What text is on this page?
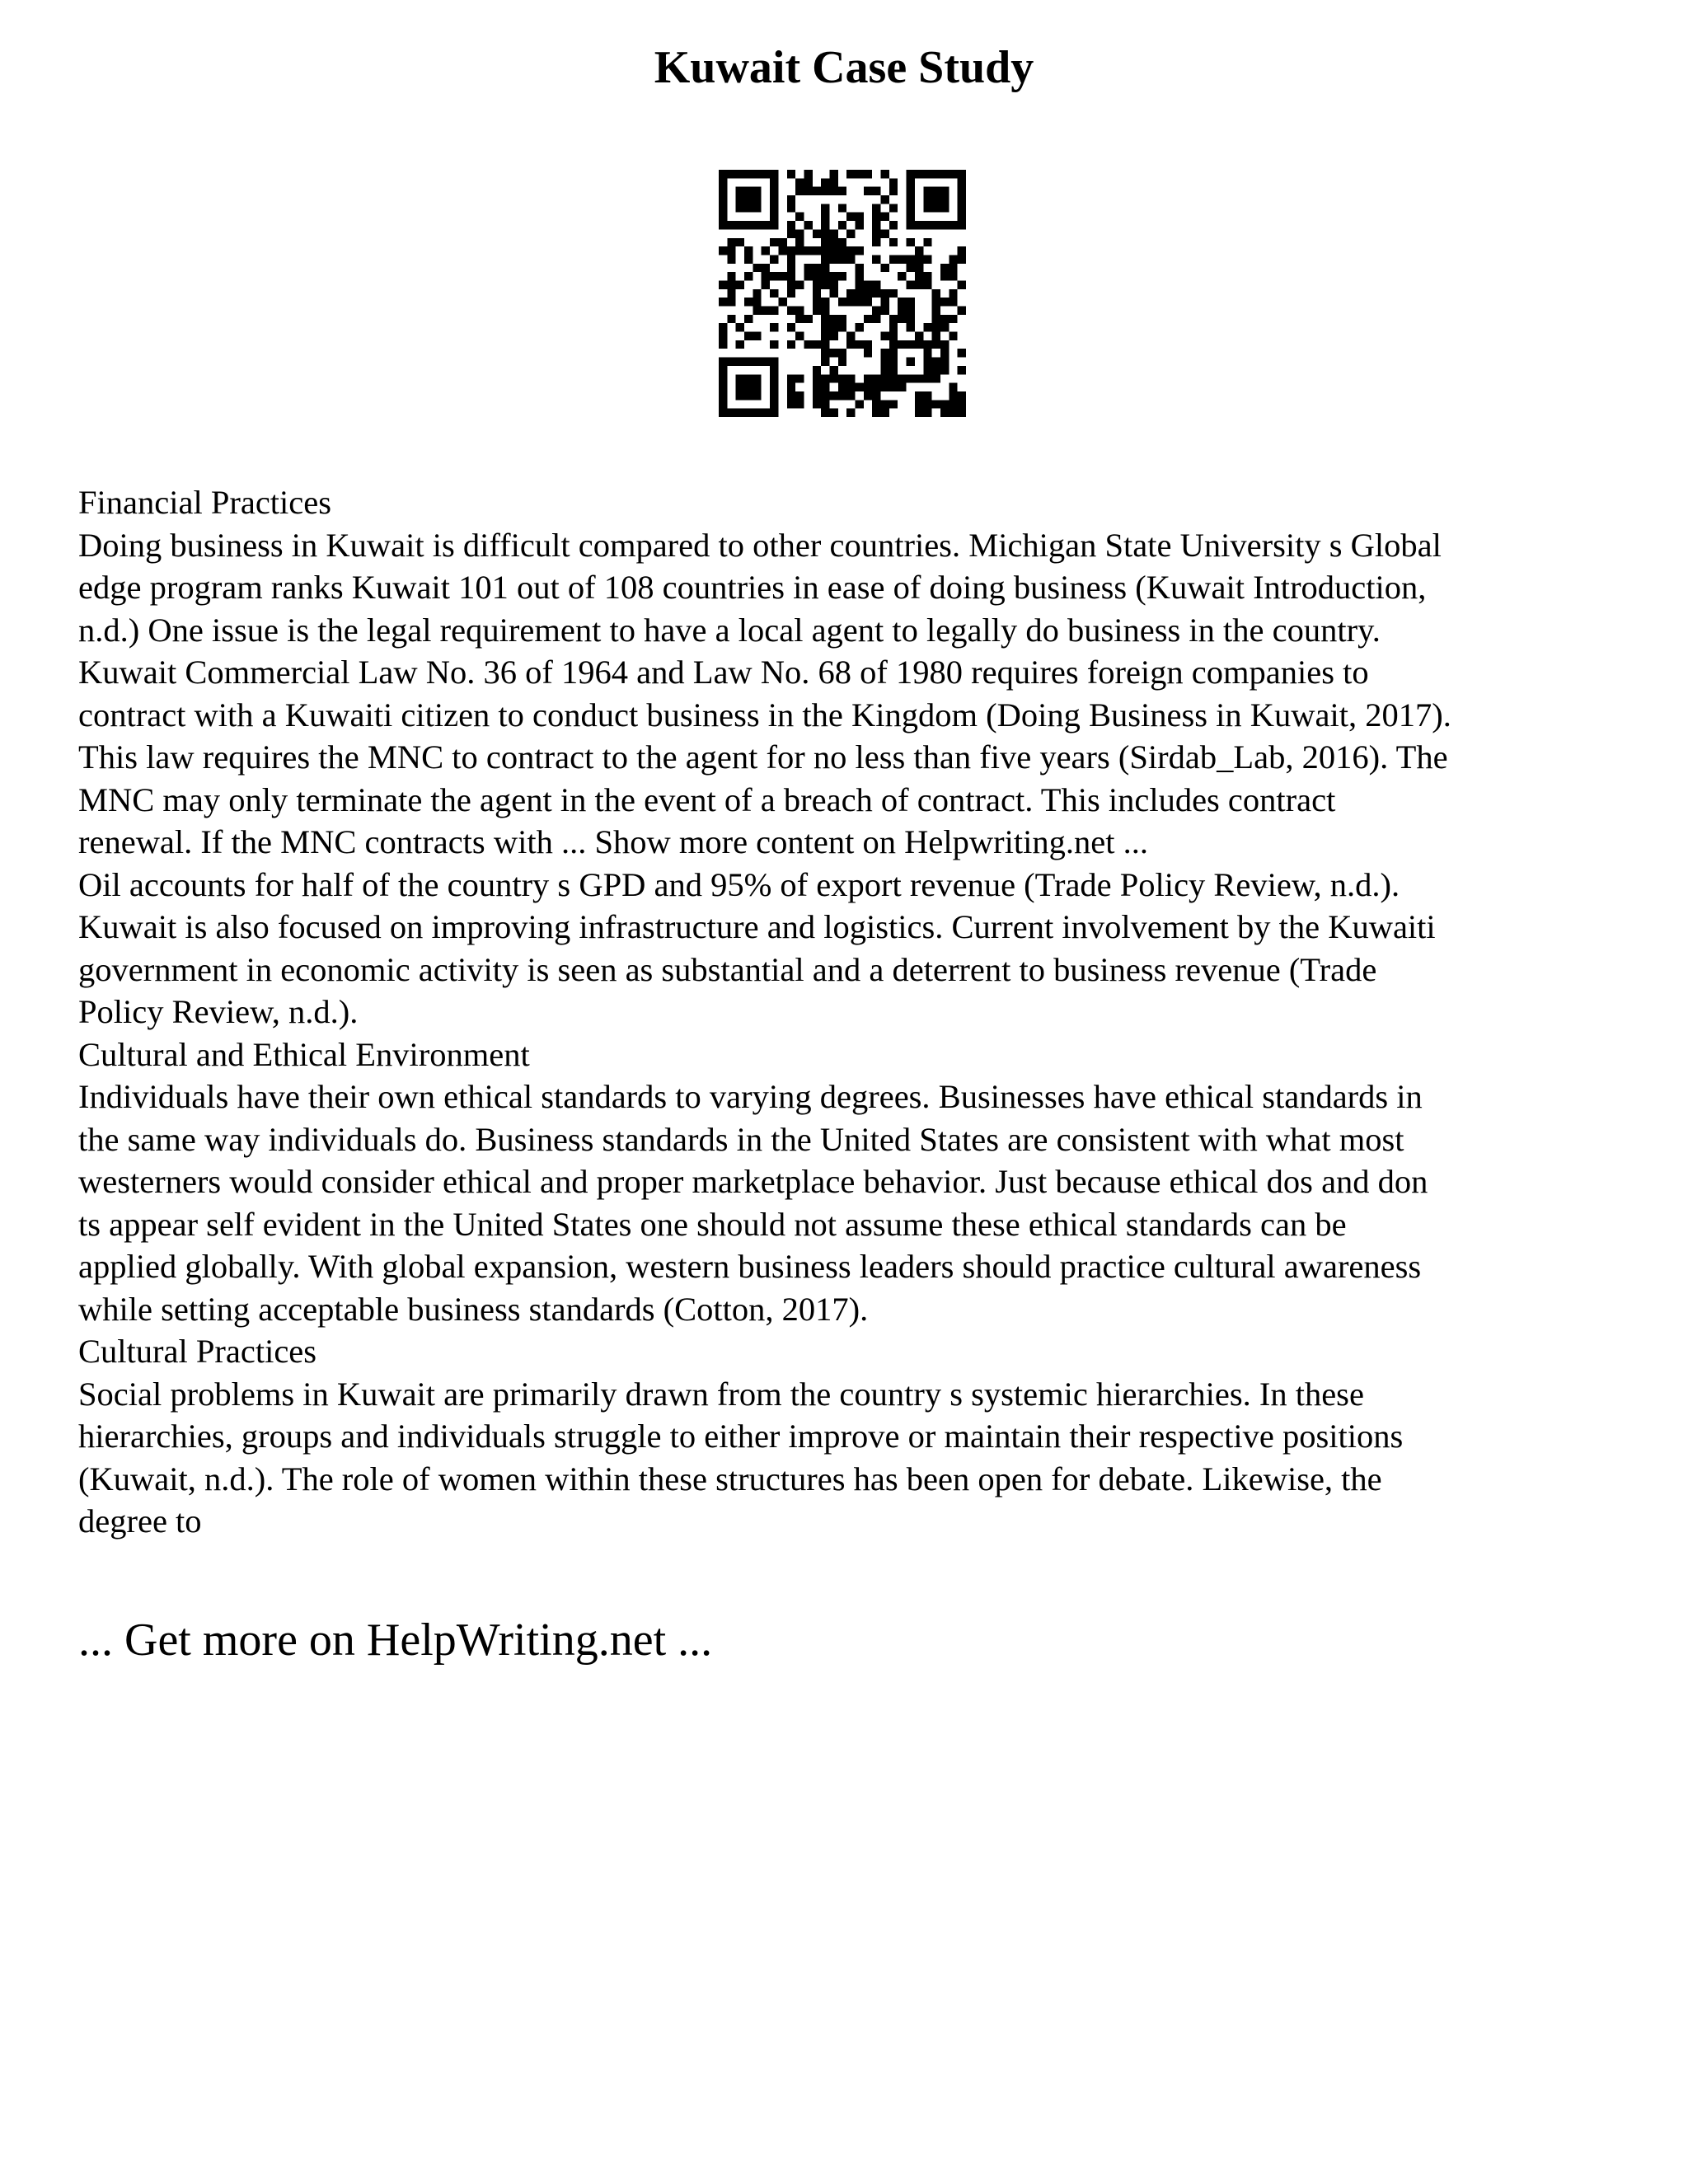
Kuwait Case Study
Financial Practices
Doing business in Kuwait is difficult compared to other countries. Michigan State University s Global
edge program ranks Kuwait 101 out of 108 countries in ease of doing business (Kuwait Introduction,
n.d.) One issue is the legal requirement to have a local agent to legally do business in the country.
Kuwait Commercial Law No. 36 of 1964 and Law No. 68 of 1980 requires foreign companies to
contract with a Kuwaiti citizen to conduct business in the Kingdom (Doing Business in Kuwait, 2017).
This law requires the MNC to contract to the agent for no less than five years (Sirdab_Lab, 2016). The
MNC may only terminate the agent in the event of a breach of contract. This includes contract
renewal. If the MNC contracts with ... Show more content on Helpwriting.net ...
Oil accounts for half of the country s GPD and 95% of export revenue (Trade Policy Review, n.d.).
Kuwait is also focused on improving infrastructure and logistics. Current involvement by the Kuwaiti
government in economic activity is seen as substantial and a deterrent to business revenue (Trade
Policy Review, n.d.).
Cultural and Ethical Environment
Individuals have their own ethical standards to varying degrees. Businesses have ethical standards in
the same way individuals do. Business standards in the United States are consistent with what most
westerners would consider ethical and proper marketplace behavior. Just because ethical dos and don
ts appear self evident in the United States one should not assume these ethical standards can be
applied globally. With global expansion, western business leaders should practice cultural awareness
while setting acceptable business standards (Cotton, 2017).
Cultural Practices
Social problems in Kuwait are primarily drawn from the country s systemic hierarchies. In these
hierarchies, groups and individuals struggle to either improve or maintain their respective positions
(Kuwait, n.d.). The role of women within these structures has been open for debate. Likewise, the
degree to
... Get more on HelpWriting.net ...
